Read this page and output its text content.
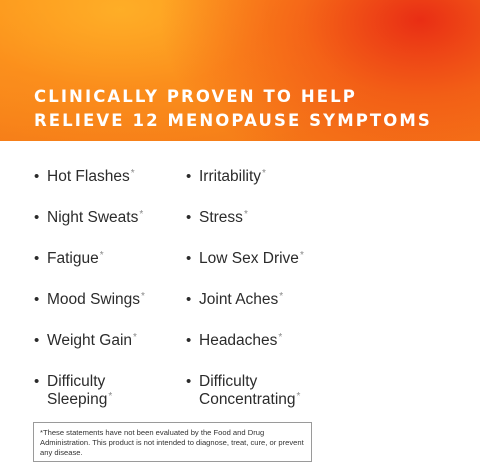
CLINICALLY PROVEN TO HELP
RELIEVE 12 MENOPAUSE SYMPTOMS
• Hot Flashes*
• Night Sweats*
• Fatigue*
• Mood Swings*
• Weight Gain*
• Difficulty
Sleeping*
• Irritability*
• Stress*
• Low Sex Drive*
• Joint Aches*
• Headaches*
• Difficulty
Concentrating*
*These statements have not been evaluated by the Food and Drug Administration. This product is not intended to diagnose, treat, cure, or prevent any disease.
